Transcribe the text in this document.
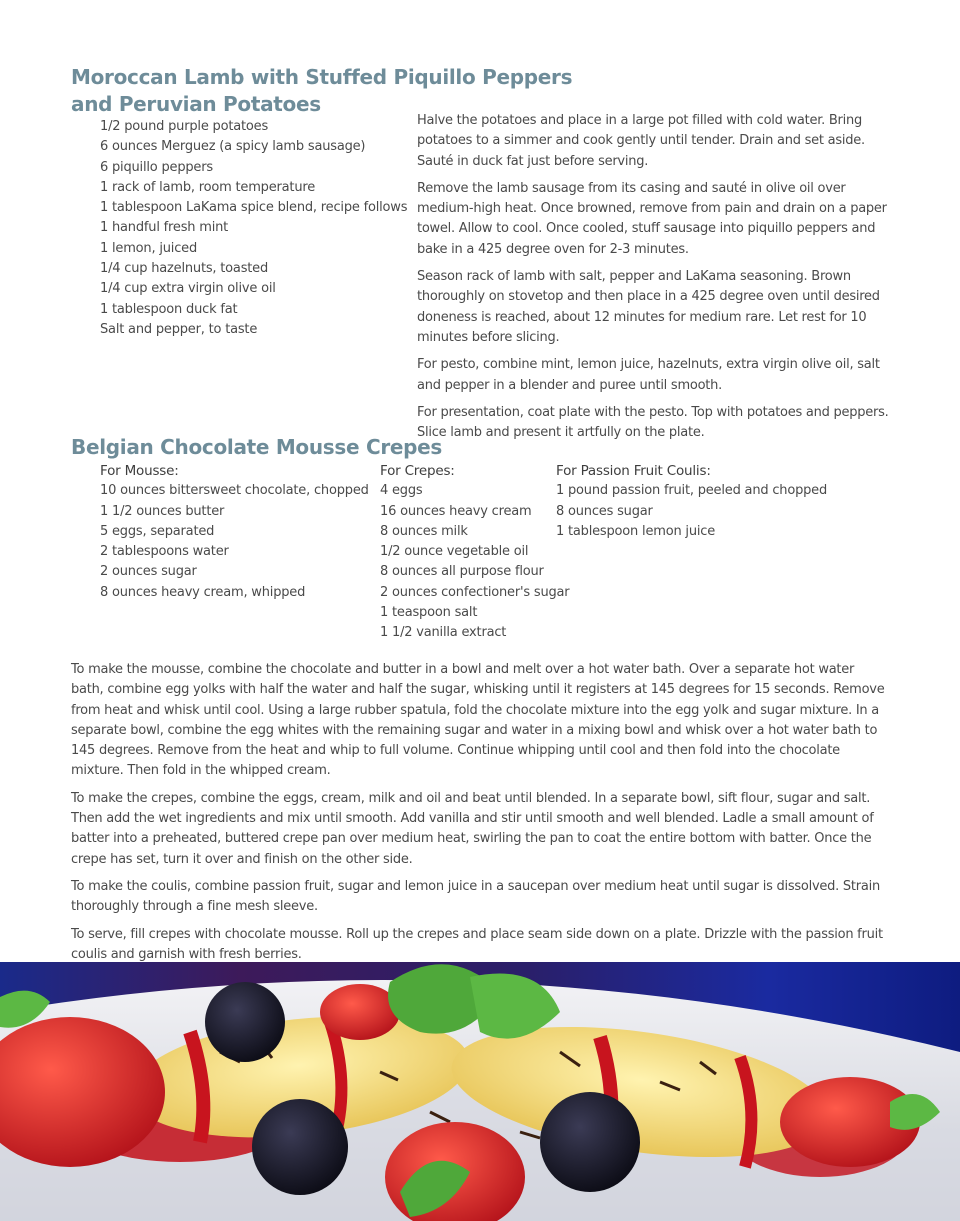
Moroccan Lamb with Stuffed Piquillo Peppers
and Peruvian Potatoes
1/2 pound purple potatoes
6 ounces Merguez (a spicy lamb sausage)
6 piquillo peppers
1 rack of lamb, room temperature
1 tablespoon LaKama spice blend, recipe follows
1 handful fresh mint
1 lemon, juiced
1/4 cup hazelnuts, toasted
1/4 cup extra virgin olive oil
1 tablespoon duck fat
Salt and pepper, to taste

Halve the potatoes and place in a large pot filled with cold water. Bring potatoes to a simmer and cook gently until tender. Drain and set aside. Sauté in duck fat just before serving.

Remove the lamb sausage from its casing and sauté in olive oil over medium-high heat. Once browned, remove from pain and drain on a paper towel. Allow to cool. Once cooled, stuff sausage into piquillo peppers and bake in a 425 degree oven for 2-3 minutes.

Season rack of lamb with salt, pepper and LaKama seasoning. Brown thoroughly on stovetop and then place in a 425 degree oven until desired doneness is reached, about 12 minutes for medium rare. Let rest for 10 minutes before slicing.

For pesto, combine mint, lemon juice, hazelnuts, extra virgin olive oil, salt and pepper in a blender and puree until smooth.

For presentation, coat plate with the pesto. Top with potatoes and peppers. Slice lamb and present it artfully on the plate.

Belgian Chocolate Mousse Crepes
For Mousse:
10 ounces bittersweet chocolate, chopped
1 1/2 ounces butter
5 eggs, separated
2 tablespoons water
2 ounces sugar
8 ounces heavy cream, whipped
For Crepes:
4 eggs
16 ounces heavy cream
8 ounces milk
1/2 ounce vegetable oil
8 ounces all purpose flour
2 ounces confectioner's sugar
1 teaspoon salt
1 1/2 vanilla extract
For Passion Fruit Coulis:
1 pound passion fruit, peeled and chopped
8 ounces sugar
1 tablespoon lemon juice

To make the mousse, combine the chocolate and butter in a bowl and melt over a hot water bath. Over a separate hot water bath, combine egg yolks with half the water and half the sugar, whisking until it registers at 145 degrees for 15 seconds. Remove from heat and whisk until cool. Using a large rubber spatula, fold the chocolate mixture into the egg yolk and sugar mixture. In a separate bowl, combine the egg whites with the remaining sugar and water in a mixing bowl and whisk over a hot water bath to 145 degrees. Remove from the heat and whip to full volume. Continue whipping until cool and then fold into the chocolate mixture. Then fold in the whipped cream.

To make the crepes, combine the eggs, cream, milk and oil and beat until blended. In a separate bowl, sift flour, sugar and salt. Then add the wet ingredients and mix until smooth. Add vanilla and stir until smooth and well blended. Ladle a small amount of batter into a preheated, buttered crepe pan over medium heat, swirling the pan to coat the entire bottom with batter. Once the crepe has set, turn it over and finish on the other side.

To make the coulis, combine passion fruit, sugar and lemon juice in a saucepan over medium heat until sugar is dissolved. Strain thoroughly through a fine mesh sleeve.

To serve, fill crepes with chocolate mousse. Roll up the crepes and place seam side down on a plate. Drizzle with the passion fruit coulis and garnish with fresh berries.
